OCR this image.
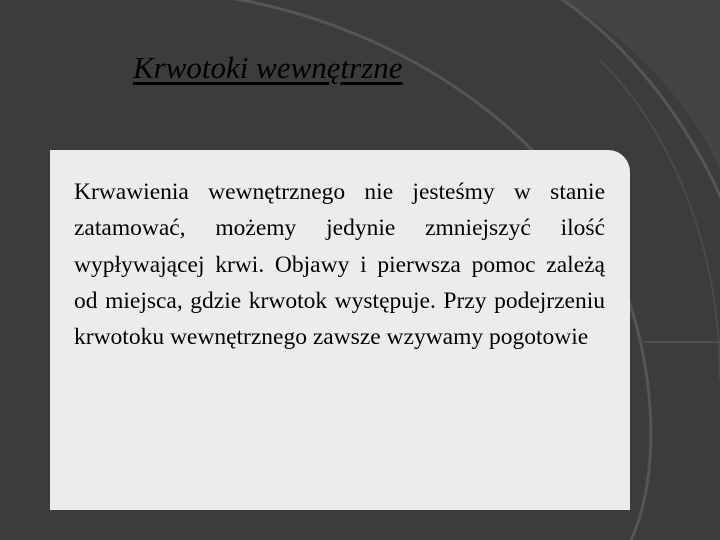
Krwotoki wewnętrzne

Krwawienia wewnętrznego nie jesteśmy w stanie zatamować, możemy jedynie zmniejszyć ilość wypływającej krwi. Objawy i pierwsza pomoc zależą od miejsca, gdzie krwotok występuje. Przy podejrzeniu krwotoku wewnętrznego zawsze wzywamy pogotowie
